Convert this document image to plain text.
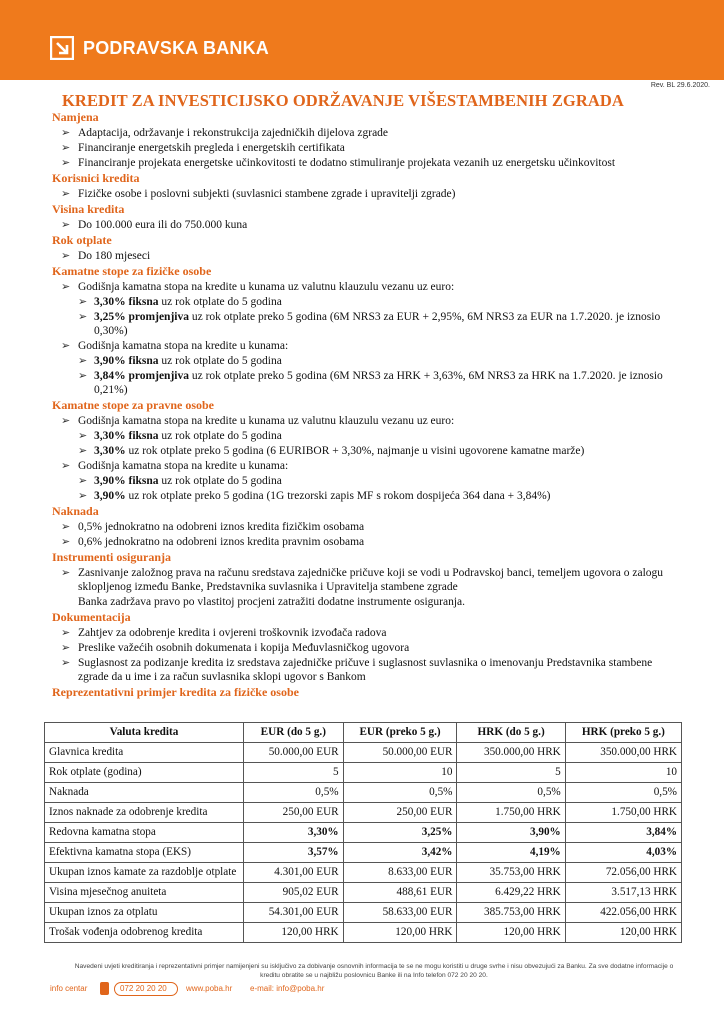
PODRAVSKA BANKA
Rev. BL 29.6.2020.
KREDIT ZA INVESTICIJSKO ODRŽAVANJE VIŠESTAMBENIH ZGRADA
Namjena
➢ Adaptacija, održavanje i rekonstrukcija zajedničkih dijelova zgrade
➢ Financiranje energetskih pregleda i energetskih certifikata
➢ Financiranje projekata energetske učinkovitosti te dodatno stimuliranje projekata vezanih uz energetsku učinkovitost
Korisnici kredita
➢ Fizičke osobe i poslovni subjekti (suvlasnici stambene zgrade i upravitelji zgrade)
Visina kredita
➢ Do 100.000 eura ili do 750.000 kuna
Rok otplate
➢ Do 180 mjeseci
Kamatne stope za fizičke osobe
➢ Godišnja kamatna stopa na kredite u kunama uz valutnu klauzulu vezanu uz euro:
➢ 3,30% fiksna uz rok otplate do 5 godina
➢ 3,25% promjenjiva uz rok otplate preko 5 godina (6M NRS3 za EUR + 2,95%, 6M NRS3 za EUR na 1.7.2020. je iznosio 0,30%)
➢ Godišnja kamatna stopa na kredite u kunama:
➢ 3,90% fiksna uz rok otplate do 5 godina
➢ 3,84% promjenjiva uz rok otplate preko 5 godina (6M NRS3 za HRK + 3,63%, 6M NRS3 za HRK na 1.7.2020. je iznosio 0,21%)
Kamatne stope za pravne osobe
➢ Godišnja kamatna stopa na kredite u kunama uz valutnu klauzulu vezanu uz euro:
➢ 3,30% fiksna uz rok otplate do 5 godina
➢ 3,30% uz rok otplate preko 5 godina (6 EURIBOR + 3,30%, najmanje u visini ugovorene kamatne marže)
➢ Godišnja kamatna stopa na kredite u kunama:
➢ 3,90% fiksna uz rok otplate do 5 godina
➢ 3,90% uz rok otplate preko 5 godina (1G trezorski zapis MF s rokom dospijeća 364 dana + 3,84%)
Naknada
➢ 0,5% jednokratno na odobreni iznos kredita fizičkim osobama
➢ 0,6% jednokratno na odobreni iznos kredita pravnim osobama
Instrumenti osiguranja
➢ Zasnivanje založnog prava na računu sredstava zajedničke pričuve koji se vodi u Podravskoj banci, temeljem ugovora o zalogu sklopljenog između Banke, Predstavnika suvlasnika i Upravitelja stambene zgrade
Banka zadržava pravo po vlastitoj procjeni zatražiti dodatne instrumente osiguranja.
Dokumentacija
➢ Zahtjev za odobrenje kredita i ovjereni troškovnik izvođača radova
➢ Preslike važećih osobnih dokumenata i kopija Međuvlasničkog ugovora
➢ Suglasnost za podizanje kredita iz sredstava zajedničke pričuve i suglasnost suvlasnika o imenovanju Predstavnika stambene zgrade da u ime i za račun suvlasnika sklopi ugovor s Bankom
Reprezentativni primjer kredita za fizičke osobe
Valuta kredita	EUR (do 5 g.)	EUR (preko 5 g.)	HRK (do 5 g.)	HRK (preko 5 g.)
Glavnica kredita	50.000,00 EUR	50.000,00 EUR	350.000,00 HRK	350.000,00 HRK
Rok otplate (godina)	5	10	5	10
Naknada	0,5%	0,5%	0,5%	0,5%
Iznos naknade za odobrenje kredita	250,00 EUR	250,00 EUR	1.750,00 HRK	1.750,00 HRK
Redovna kamatna stopa	3,30%	3,25%	3,90%	3,84%
Efektivna kamatna stopa (EKS)	3,57%	3,42%	4,19%	4,03%
Ukupan iznos kamate za razdoblje otplate	4.301,00 EUR	8.633,00 EUR	35.753,00 HRK	72.056,00 HRK
Visina mjesečnog anuiteta	905,02 EUR	488,61 EUR	6.429,22 HRK	3.517,13 HRK
Ukupan iznos za otplatu	54.301,00 EUR	58.633,00 EUR	385.753,00 HRK	422.056,00 HRK
Trošak vođenja odobrenog kredita	120,00 HRK	120,00 HRK	120,00 HRK	120,00 HRK
Navedeni uvjeti kreditiranja i reprezentativni primjer namijenjeni su isključivo za dobivanje osnovnih informacija te se ne mogu koristiti u druge svrhe i nisu obvezujući za Banku. Za sve dodatne informacije o kreditu obratite se u najbližu poslovnicu Banke ili na Info telefon 072 20 20 20.
info centar	072 20 20 20 www.poba.hr e-mail: info@poba.hr
